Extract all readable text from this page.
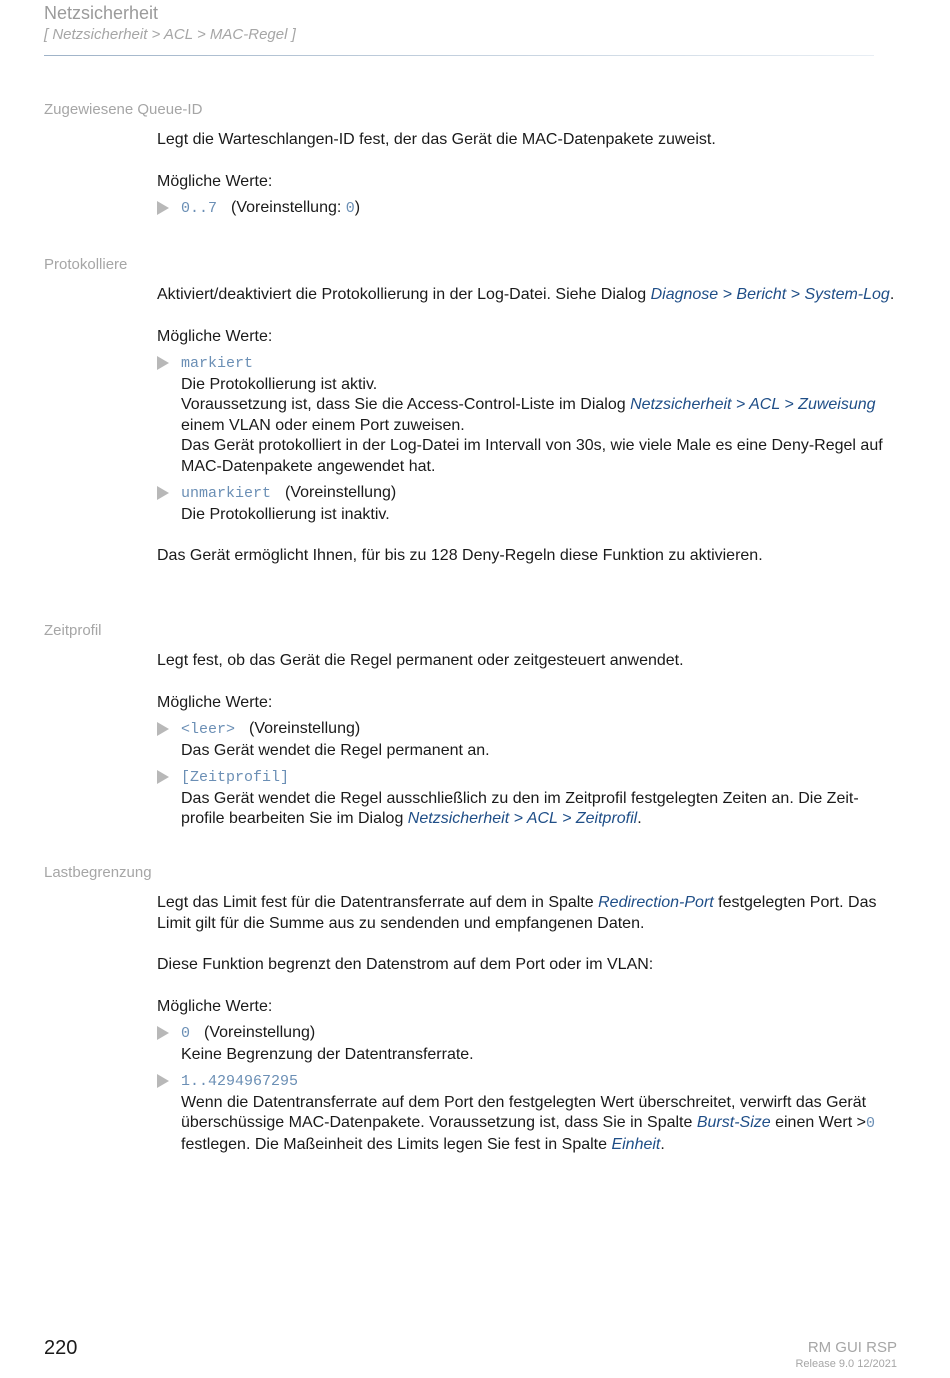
Netzsicherheit
[ Netzsicherheit > ACL > MAC-Regel ]
Zugewiesene Queue-ID
Legt die Warteschlangen-ID fest, der das Gerät die MAC-Datenpakete zuweist.
Mögliche Werte:
0..7 (Voreinstellung: 0)
Protokolliere
Aktiviert/deaktiviert die Protokollierung in der Log-Datei. Siehe Dialog Diagnose > Bericht > System-Log.
Mögliche Werte:
markiert
Die Protokollierung ist aktiv.
Voraussetzung ist, dass Sie die Access-Control-Liste im Dialog Netzsicherheit > ACL > Zuweisung einem VLAN oder einem Port zuweisen.
Das Gerät protokolliert in der Log-Datei im Intervall von 30s, wie viele Male es eine Deny-Regel auf MAC-Datenpakete angewendet hat.
unmarkiert (Voreinstellung)
Die Protokollierung ist inaktiv.
Das Gerät ermöglicht Ihnen, für bis zu 128 Deny-Regeln diese Funktion zu aktivieren.
Zeitprofil
Legt fest, ob das Gerät die Regel permanent oder zeitgesteuert anwendet.
Mögliche Werte:
<leer> (Voreinstellung)
Das Gerät wendet die Regel permanent an.
[Zeitprofil]
Das Gerät wendet die Regel ausschließlich zu den im Zeitprofil festgelegten Zeiten an. Die Zeit-profile bearbeiten Sie im Dialog Netzsicherheit > ACL > Zeitprofil.
Lastbegrenzung
Legt das Limit fest für die Datentransferrate auf dem in Spalte Redirection-Port festgelegten Port. Das Limit gilt für die Summe aus zu sendenden und empfangenen Daten.
Diese Funktion begrenzt den Datenstrom auf dem Port oder im VLAN:
Mögliche Werte:
0 (Voreinstellung)
Keine Begrenzung der Datentransferrate.
1..4294967295
Wenn die Datentransferrate auf dem Port den festgelegten Wert überschreitet, verwirft das Gerät überschüssige MAC-Datenpakete. Voraussetzung ist, dass Sie in Spalte Burst-Size einen Wert >0 festlegen. Die Maßeinheit des Limits legen Sie fest in Spalte Einheit.
220	RM GUI RSP
Release 9.0 12/2021
